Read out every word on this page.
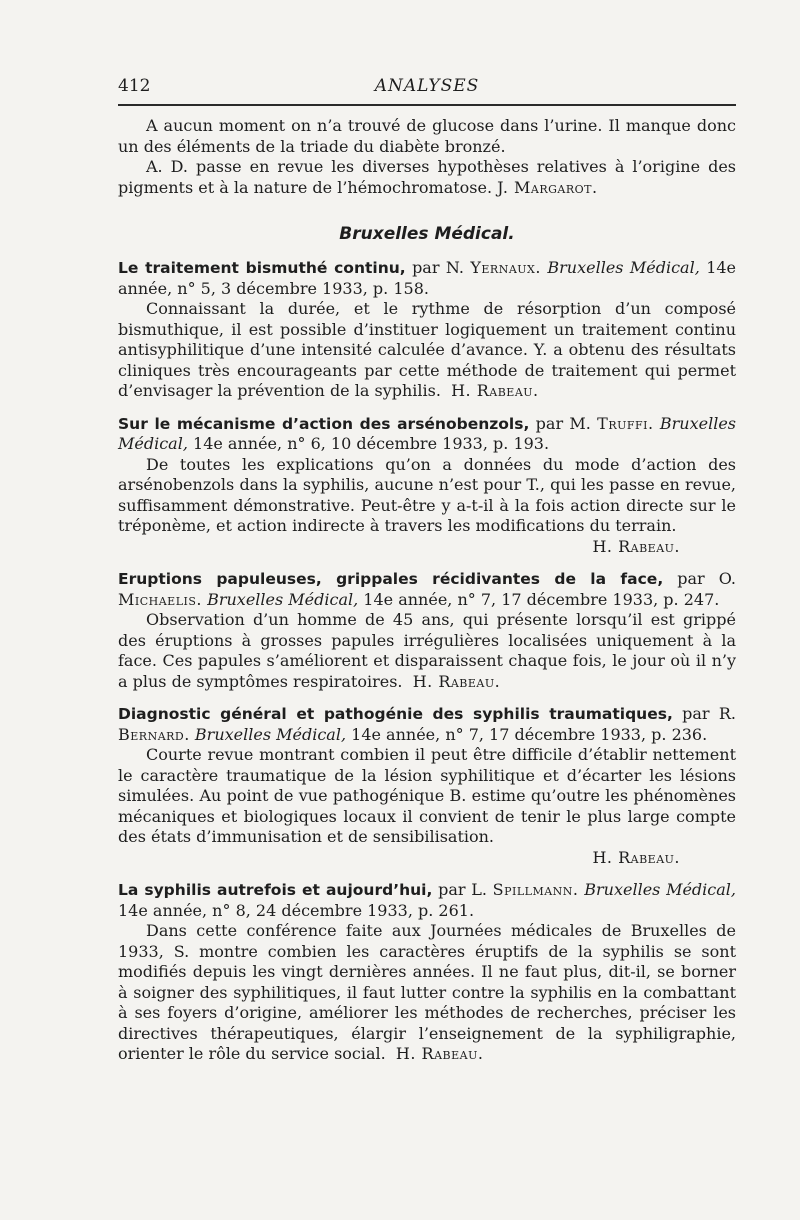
412	ANALYSES

A aucun moment on n’a trouvé de glucose dans l’urine. Il manque donc un des éléments de la triade du diabète bronzé.

A. D. passe en revue les diverses hypothèses relatives à l’origine des pigments et à la nature de l’hémochromatose. J. Margarot.

Bruxelles Médical.

Le traitement bismuthé continu, par N. Yernaux. Bruxelles Médical, 14e année, n° 5, 3 décembre 1933, p. 158.

Connaissant la durée, et le rythme de résorption d’un composé bismuthique, il est possible d’instituer logiquement un traitement continu antisyphilitique d’une intensité calculée d’avance. Y. a obtenu des résultats cliniques très encourageants par cette méthode de traitement qui permet d’envisager la prévention de la syphilis. H. Rabeau.

Sur le mécanisme d’action des arsénobenzols, par M. Truffi. Bruxelles Médical, 14e année, n° 6, 10 décembre 1933, p. 193.

De toutes les explications qu’on a données du mode d’action des arsénobenzols dans la syphilis, aucune n’est pour T., qui les passe en revue, suffisamment démonstrative. Peut-être y a-t-il à la fois action directe sur le tréponème, et action indirecte à travers les modifications du terrain.

H. Rabeau.

Eruptions papuleuses, grippales récidivantes de la face, par O. Michaelis. Bruxelles Médical, 14e année, n° 7, 17 décembre 1933, p. 247.

Observation d’un homme de 45 ans, qui présente lorsqu’il est grippé des éruptions à grosses papules irrégulières localisées uniquement à la face. Ces papules s’améliorent et disparaissent chaque fois, le jour où il n’y a plus de symptômes respiratoires. H. Rabeau.

Diagnostic général et pathogénie des syphilis traumatiques, par R. Bernard. Bruxelles Médical, 14e année, n° 7, 17 décembre 1933, p. 236.

Courte revue montrant combien il peut être difficile d’établir nettement le caractère traumatique de la lésion syphilitique et d’écarter les lésions simulées. Au point de vue pathogénique B. estime qu’outre les phénomènes mécaniques et biologiques locaux il convient de tenir le plus large compte des états d’immunisation et de sensibilisation.

H. Rabeau.

La syphilis autrefois et aujourd’hui, par L. Spillmann. Bruxelles Médical, 14e année, n° 8, 24 décembre 1933, p. 261.

Dans cette conférence faite aux Journées médicales de Bruxelles de 1933, S. montre combien les caractères éruptifs de la syphilis se sont modifiés depuis les vingt dernières années. Il ne faut plus, dit-il, se borner à soigner des syphilitiques, il faut lutter contre la syphilis en la combattant à ses foyers d’origine, améliorer les méthodes de recherches, préciser les directives thérapeutiques, élargir l’enseignement de la syphiligraphie, orienter le rôle du service social. H. Rabeau.
